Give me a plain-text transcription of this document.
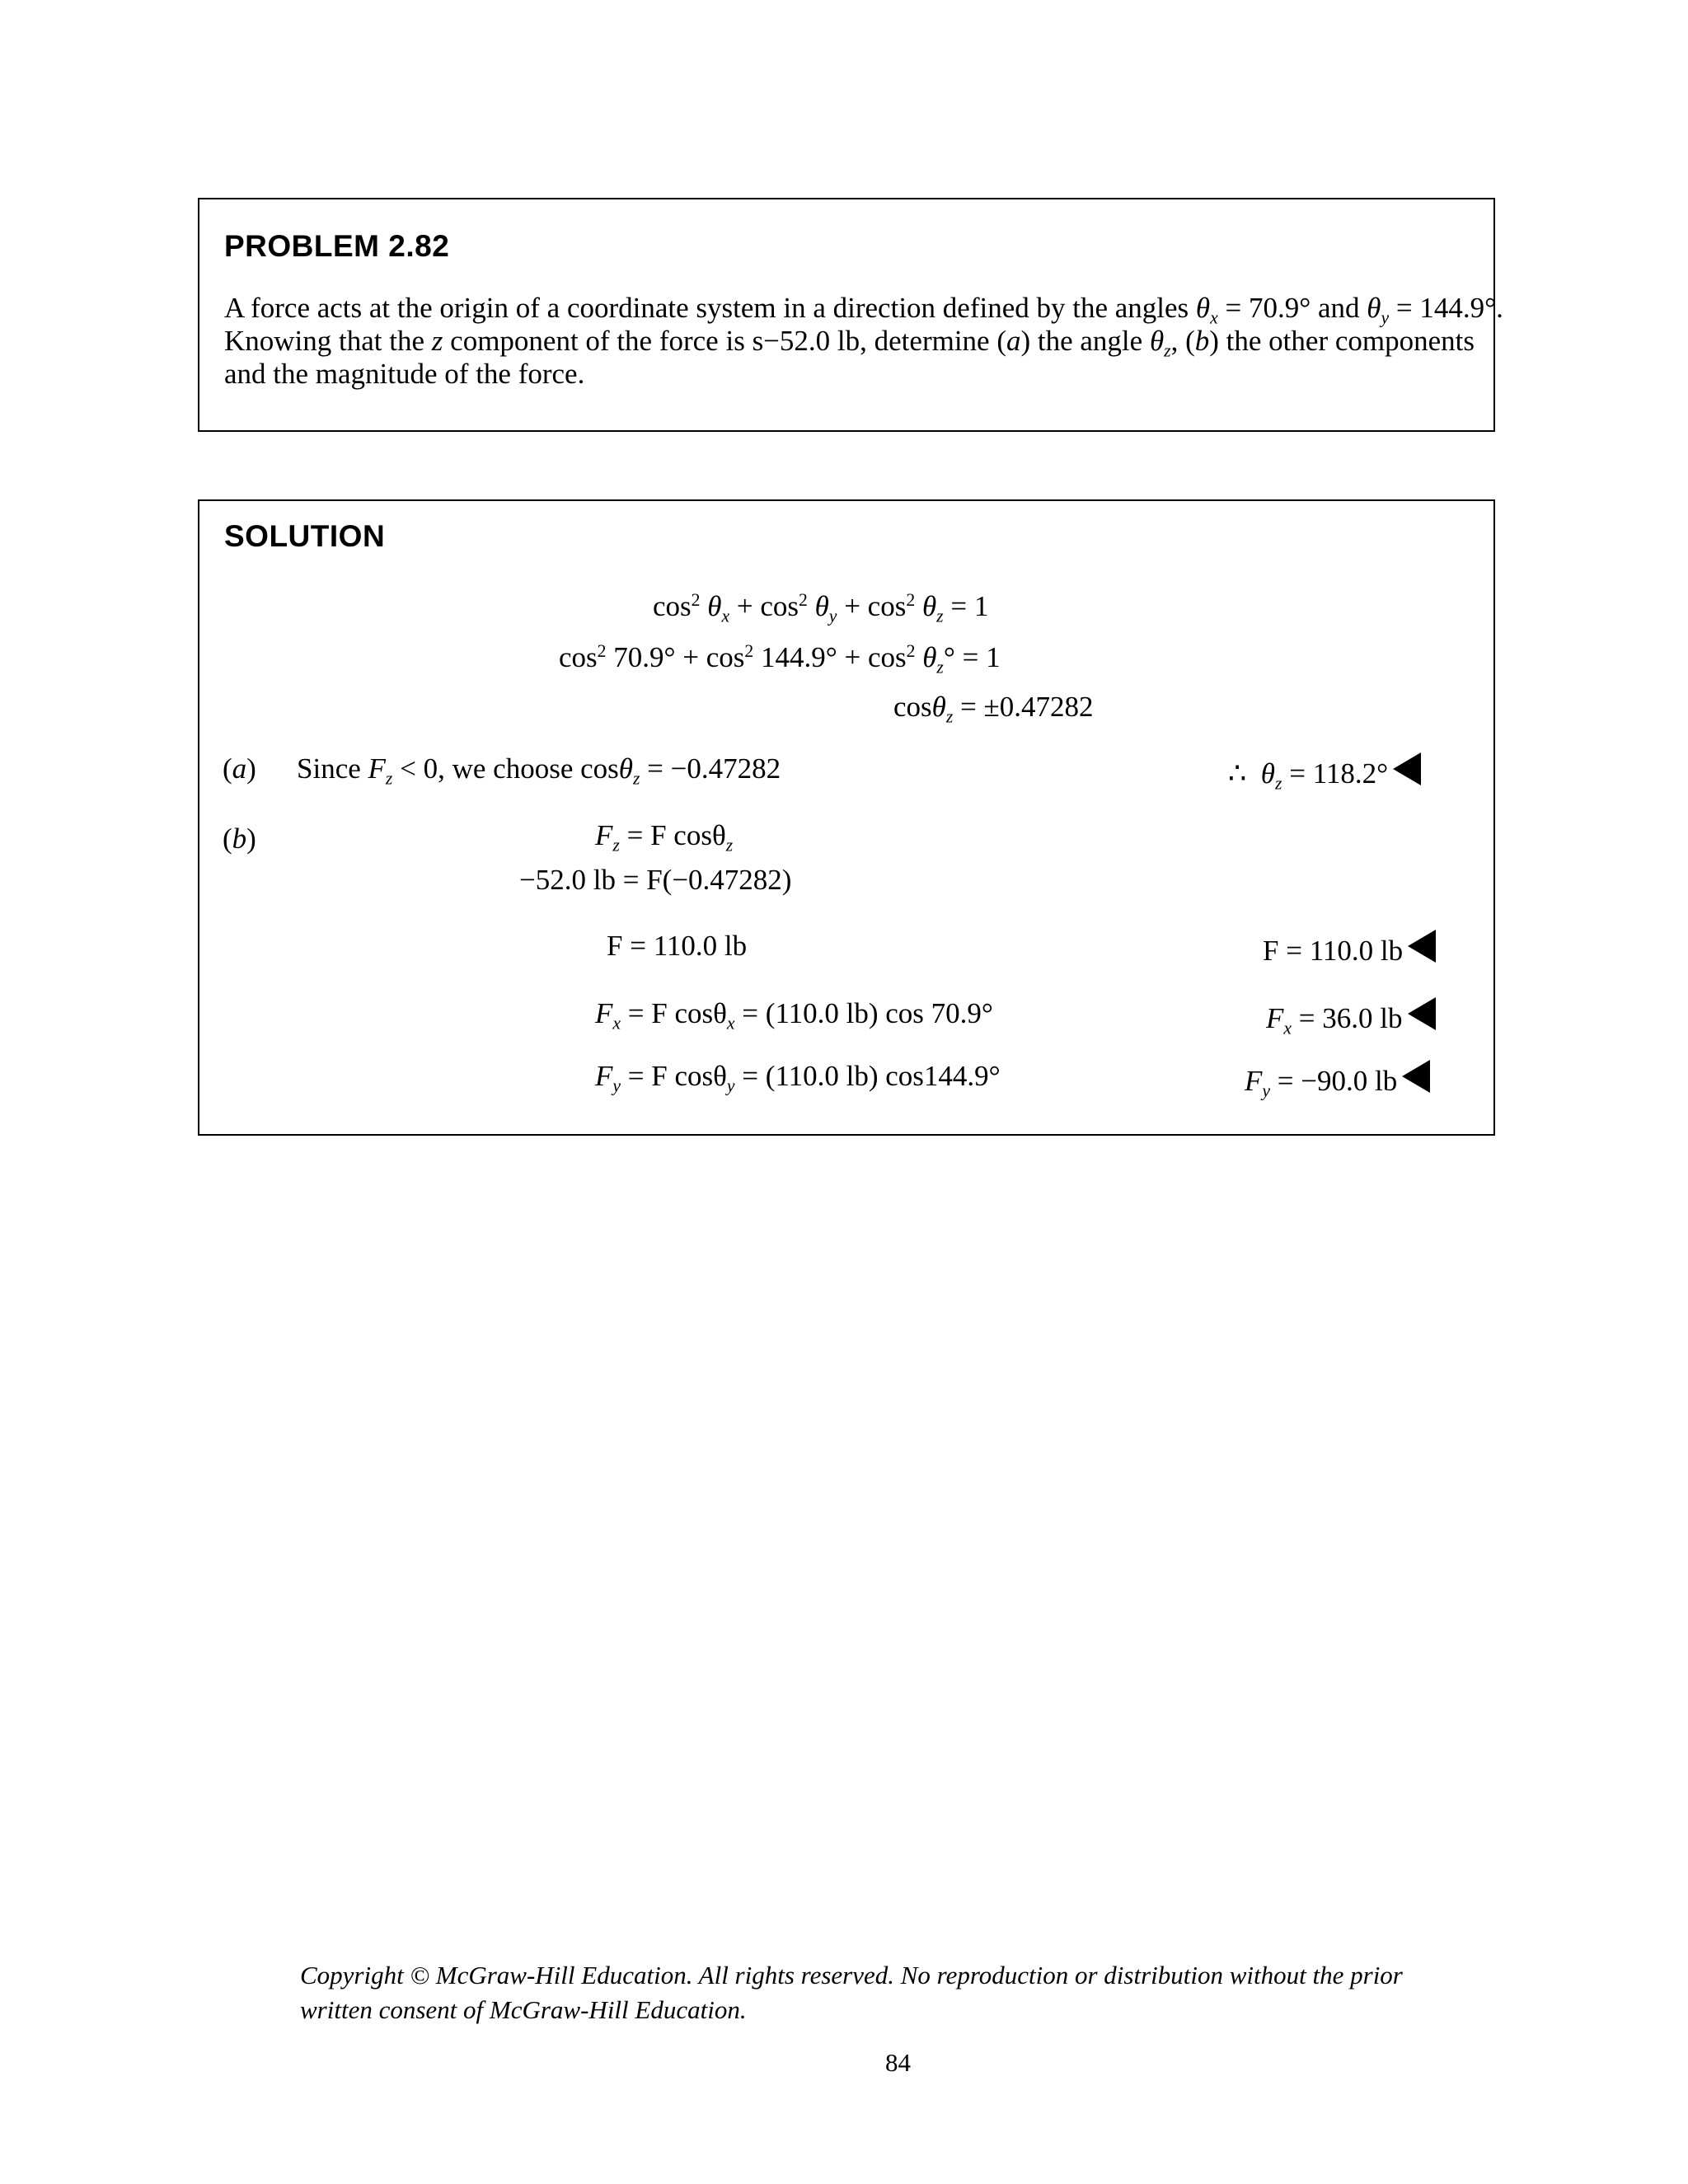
PROBLEM 2.82
A force acts at the origin of a coordinate system in a direction defined by the angles $\theta_x = 70.9^\circ$ and $\theta_y = 144.9^\circ$.
Knowing that the z component of the force is s−52.0 lb, determine (a) the angle $\theta_z$, (b) the other components
and the magnitude of the force.
SOLUTION
$\cos^2 \theta_x + \cos^2 \theta_y + \cos^2 \theta_z = 1$
$\cos^2 70.9^\circ + \cos^2 144.9^\circ + \cos^2 \theta_z^\circ = 1$
cosθ$_z$ = ±0.47282
(a) Since $F_z < 0$, we choose cosθ$_z$ = −0.47282	∴  $\theta_z = 118.2^\circ$
(b)	$F_z = F$ cosθ$_z$
−52.0 lb = F(−0.47282)
F = 110.0 lb	F = 110.0 lb
$F_x = F$ cosθ$_x$ = (110.0 lb) cos 70.9°	$F_x = 36.0$ lb
$F_y = F$ cosθ$_y$ = (110.0 lb) cos144.9°	$F_y = -90.0$ lb
Copyright © McGraw-Hill Education. All rights reserved. No reproduction or distribution without the prior
written consent of McGraw-Hill Education.
84
